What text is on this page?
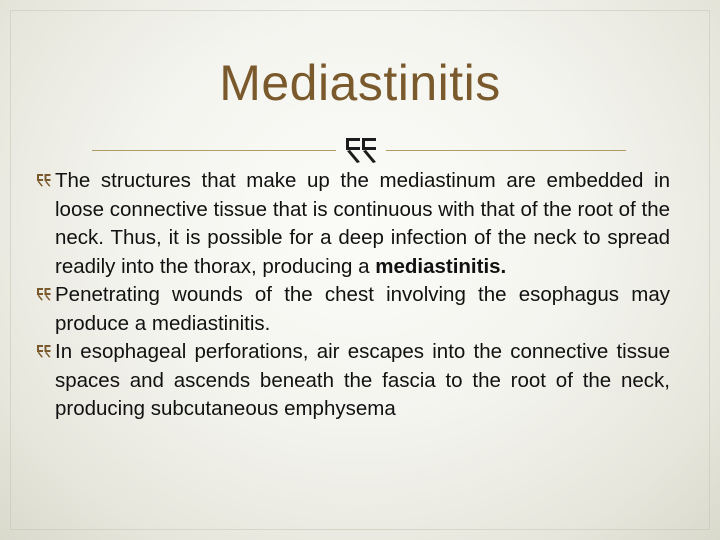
Mediastinitis
The structures that make up the mediastinum are embedded in loose connective tissue that is continuous with that of the root of the neck. Thus, it is possible for a deep infection of the neck to spread readily into the thorax, producing a mediastinitis.
Penetrating wounds of the chest involving the esophagus may produce a mediastinitis.
In esophageal perforations, air escapes into the connective tissue spaces and ascends beneath the fascia to the root of the neck, producing subcutaneous emphysema
